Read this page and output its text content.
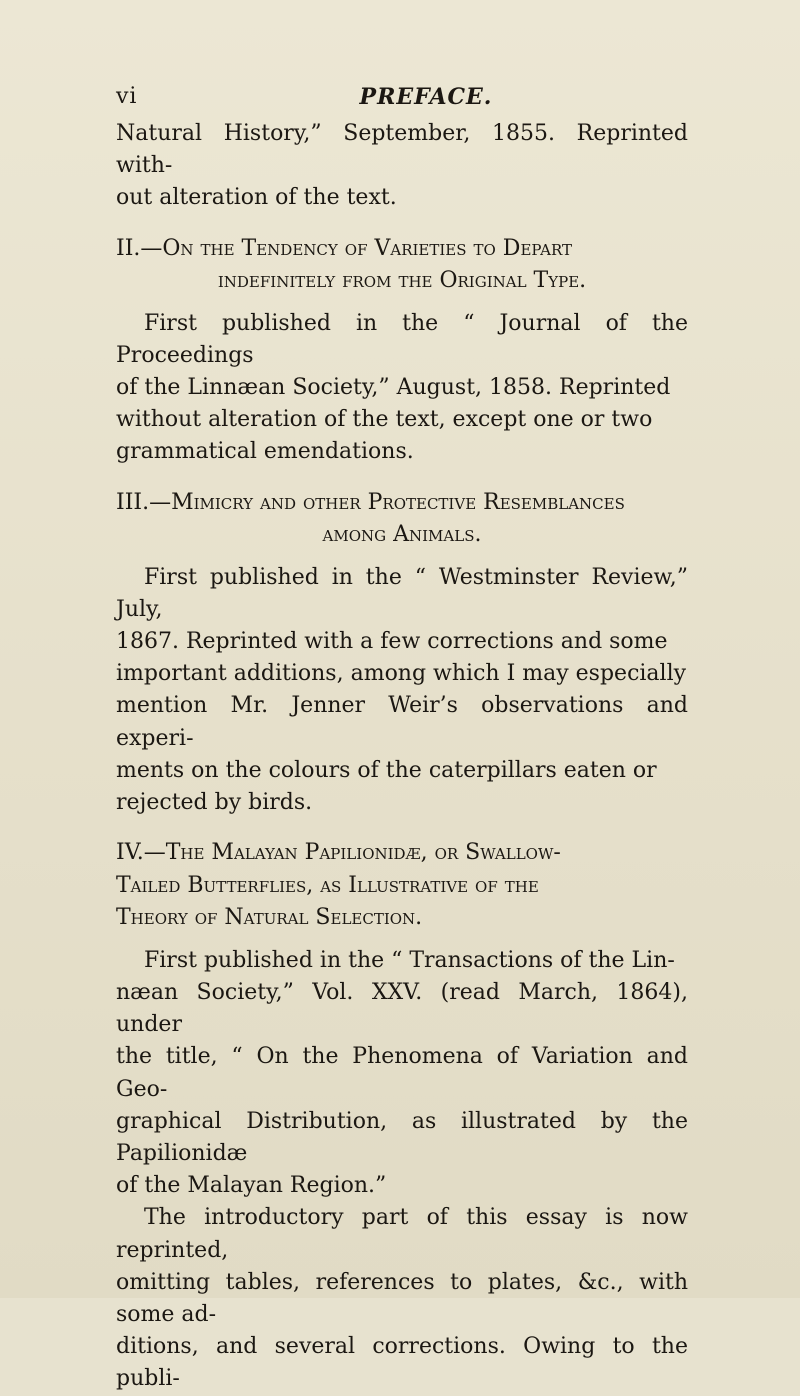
vi	PREFACE.

Natural History,” September, 1855. Reprinted with-

out alteration of the text.

II.—On the Tendency of Varieties to Depart
indefinitely from the Original Type.

First published in the “ Journal of the Proceedings

of the Linnæan Society,” August, 1858. Reprinted

without alteration of the text, except one or two

grammatical emendations.

III.—Mimicry and other Protective Resemblances
among Animals.

First published in the “ Westminster Review,” July,

1867. Reprinted with a few corrections and some

important additions, among which I may especially

mention Mr. Jenner Weir’s observations and experi-

ments on the colours of the caterpillars eaten or

rejected by birds.

IV.—The Malayan Papilionidæ, or Swallow-
Tailed Butterflies, as Illustrative of the
Theory of Natural Selection.

First published in the “ Transactions of the Lin-

næan Society,” Vol. XXV. (read March, 1864), under

the title, “ On the Phenomena of Variation and Geo-

graphical Distribution, as illustrated by the Papilionidæ

of the Malayan Region.”

The introductory part of this essay is now reprinted,

omitting tables, references to plates, &c., with some ad-

ditions, and several corrections. Owing to the publi-
